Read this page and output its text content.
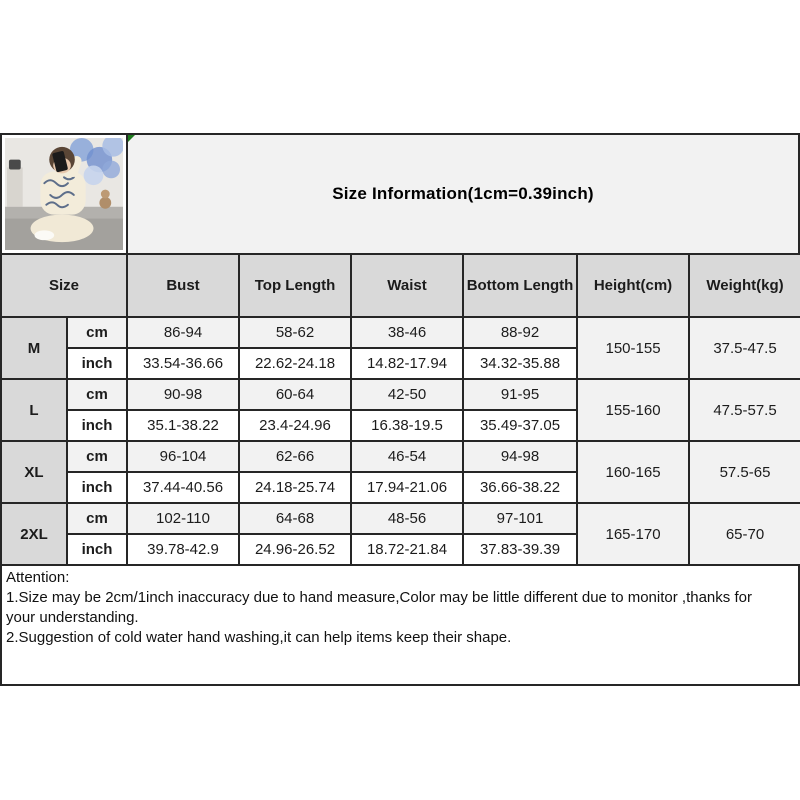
Size Information(1cm=0.39inch)
Size		Bust	Top Length	Waist	Bottom Length	Height(cm)	Weight(kg)
M	cm	86-94	58-62	38-46	88-92	150-155	37.5-47.5
	inch	33.54-36.66	22.62-24.18	14.82-17.94	34.32-35.88		
L	cm	90-98	60-64	42-50	91-95	155-160	47.5-57.5
	inch	35.1-38.22	23.4-24.96	16.38-19.5	35.49-37.05		
XL	cm	96-104	62-66	46-54	94-98	160-165	57.5-65
	inch	37.44-40.56	24.18-25.74	17.94-21.06	36.66-38.22		
2XL	cm	102-110	64-68	48-56	97-101	165-170	65-70
	inch	39.78-42.9	24.96-26.52	18.72-21.84	37.83-39.39		
Attention:
1.Size may be 2cm/1inch inaccuracy due to hand measure,Color may be little different due to monitor ,thanks for your understanding.
2.Suggestion of cold water hand washing,it can help items keep their shape.
